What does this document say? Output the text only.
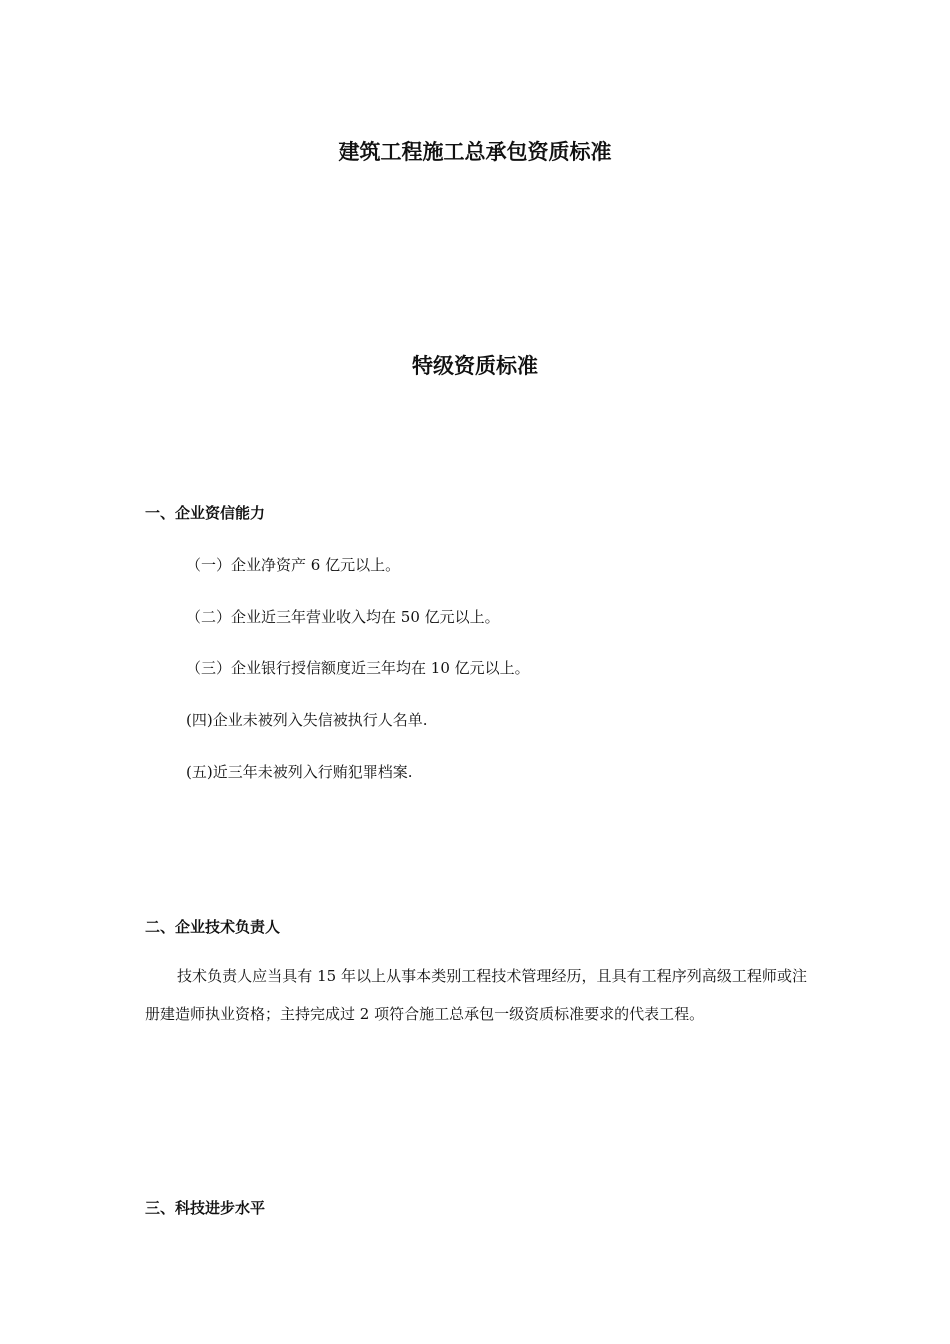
建筑工程施工总承包资质标准
特级资质标准
一、企业资信能力

（一）企业净资产 6 亿元以上。

（二）企业近三年营业收入均在 50 亿元以上。

（三）企业银行授信额度近三年均在 10 亿元以上。

(四)企业未被列入失信被执行人名单.

(五)近三年未被列入行贿犯罪档案.

二、企业技术负责人

技术负责人应当具有 15 年以上从事本类别工程技术管理经历，且具有工程序列高级工程师或注册建造师执业资格；主持完成过 2 项符合施工总承包一级资质标准要求的代表工程。

三、科技进步水平
